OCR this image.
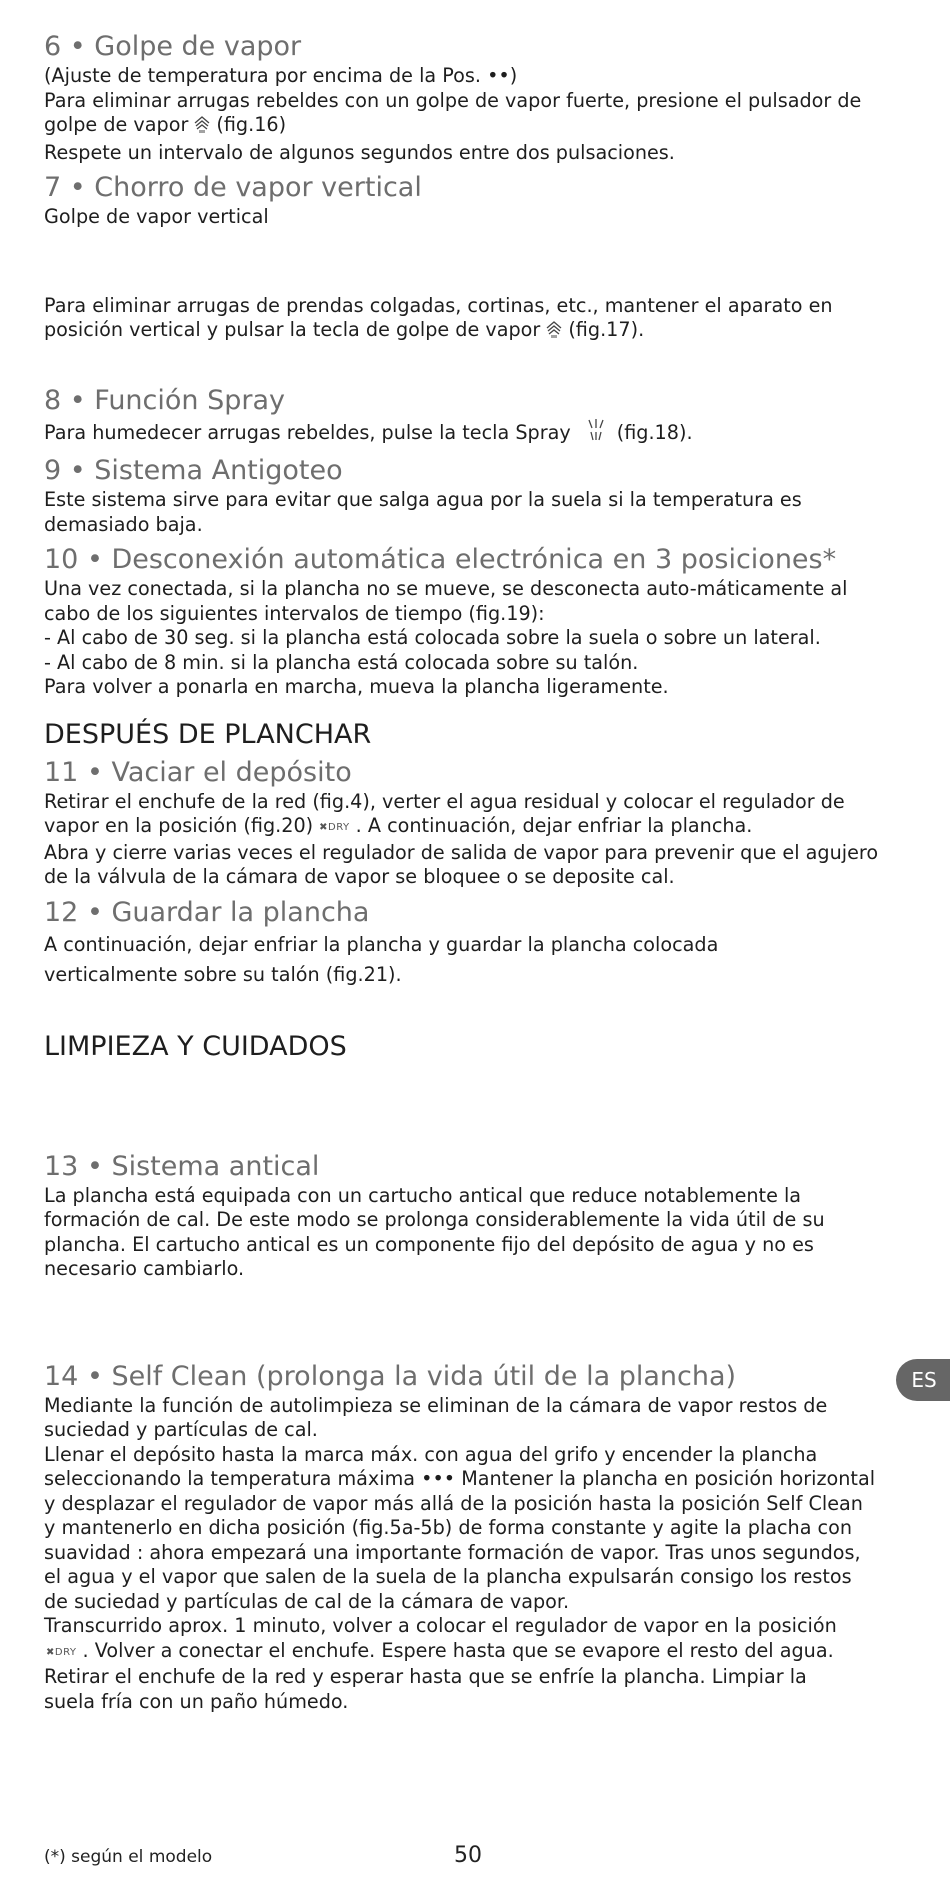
6 • Golpe de vapor

(Ajuste de temperatura por encima de la Pos. ••)

Para eliminar arrugas rebeldes con un golpe de vapor fuerte, presione el pulsador de

golpe de vapor (fig.16)

Respete un intervalo de algunos segundos entre dos pulsaciones.

7 • Chorro de vapor vertical

Golpe de vapor vertical

Para eliminar arrugas de prendas colgadas, cortinas, etc., mantener el aparato en

posición vertical y pulsar la tecla de golpe de vapor (fig.17).

8 • Función Spray

Para humedecer arrugas rebeldes, pulse la tecla Spray (fig.18).

9 • Sistema Antigoteo

Este sistema sirve para evitar que salga agua por la suela si la temperatura es

demasiado baja.

10 • Desconexión automática electrónica en 3 posiciones*

Una vez conectada, si la plancha no se mueve, se desconecta auto-máticamente al

cabo de los siguientes intervalos de tiempo (fig.19):

- Al cabo de 30 seg. si la plancha está colocada sobre la suela o sobre un lateral.

- Al cabo de 8 min. si la plancha está colocada sobre su talón.

Para volver a ponarla en marcha, mueva la plancha ligeramente.

DESPUÉS DE PLANCHAR
11 • Vaciar el depósito

Retirar el enchufe de la red (fig.4), verter el agua residual y colocar el regulador de

vapor en la posición (fig.20) ✖DRY . A continuación, dejar enfriar la plancha.

Abra y cierre varias veces el regulador de salida de vapor para prevenir que el agujero

de la válvula de la cámara de vapor se bloquee o se deposite cal.

12 • Guardar la plancha

A continuación, dejar enfriar la plancha y guardar la plancha colocada

verticalmente sobre su talón (fig.21).

LIMPIEZA Y CUIDADOS
13 • Sistema antical

La plancha está equipada con un cartucho antical que reduce notablemente la

formación de cal. De este modo se prolonga considerablemente la vida útil de su

plancha. El cartucho antical es un componente fijo del depósito de agua y no es

necesario cambiarlo.

14 • Self Clean (prolonga la vida útil de la plancha)

Mediante la función de autolimpieza se eliminan de la cámara de vapor restos de

suciedad y partículas de cal.

Llenar el depósito hasta la marca máx. con agua del grifo y encender la plancha

seleccionando la temperatura máxima ••• Mantener la plancha en posición horizontal

y desplazar el regulador de vapor más allá de la posición hasta la posición Self Clean

y mantenerlo en dicha posición (fig.5a-5b) de forma constante y agite la placha con

suavidad : ahora empezará una importante formación de vapor. Tras unos segundos,

el agua y el vapor que salen de la suela de la plancha expulsarán consigo los restos

de suciedad y partículas de cal de la cámara de vapor.

Transcurrido aprox. 1 minuto, volver a colocar el regulador de vapor en la posición

✖DRY . Volver a conectar el enchufe. Espere hasta que se evapore el resto del agua.

Retirar el enchufe de la red y esperar hasta que se enfríe la plancha. Limpiar la

suela fría con un paño húmedo.

ES
(*) según el modelo	50
